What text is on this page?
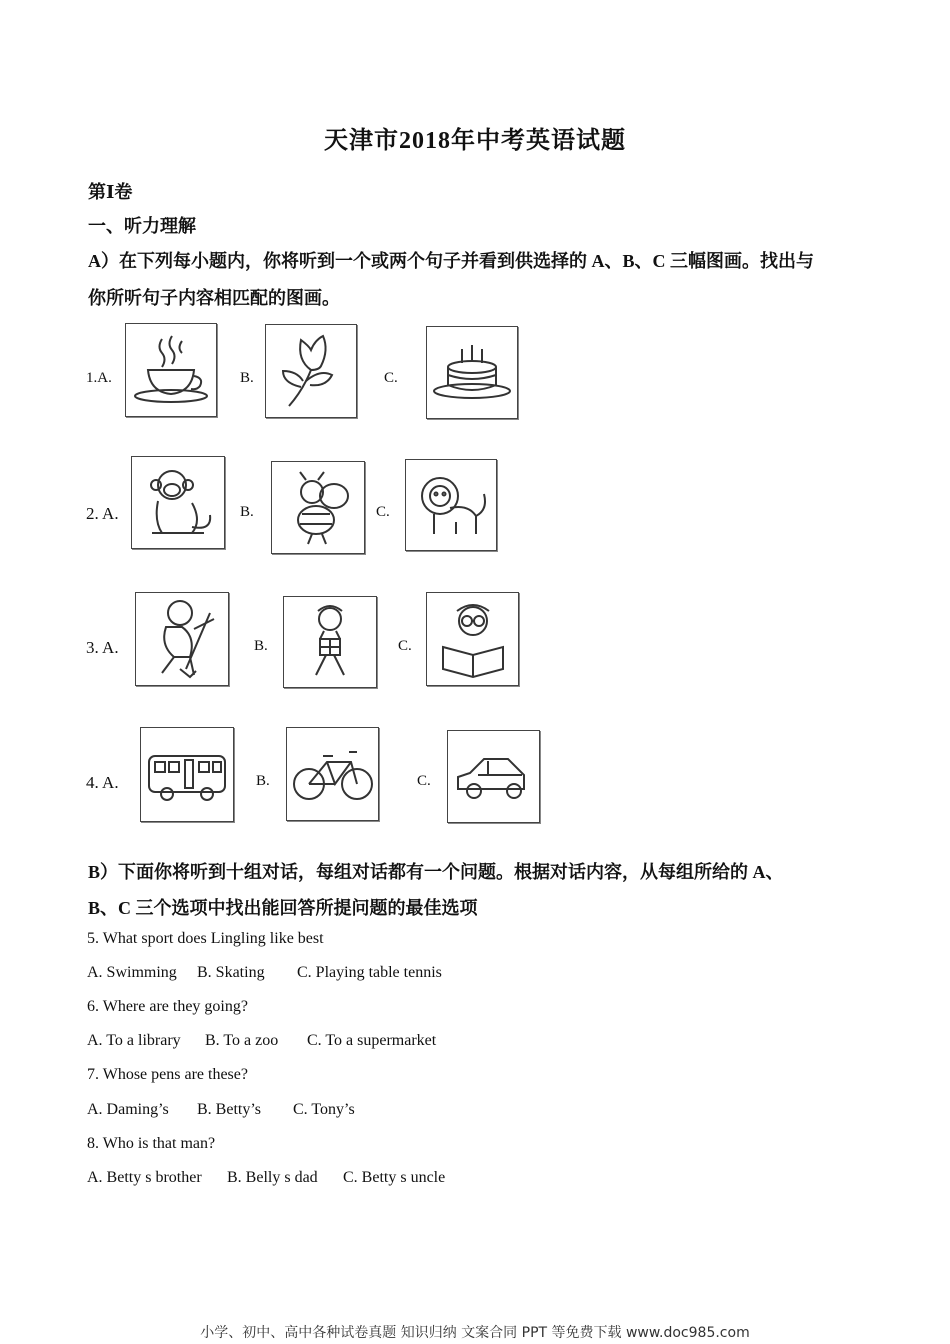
天津市2018年中考英语试题
第Ⅰ卷
一、听力理解
A）在下列每小题内，你将听到一个或两个句子并看到供选择的 A、B、C 三幅图画。找出与
你所听句子内容相匹配的图画。
1.A.	B.	C.
2. A.	B.	C.
3. A.	B.	C.
4. A.	B.	C.
B）下面你将听到十组对话，每组对话都有一个问题。根据对话内容，从每组所给的 A、
B、C 三个选项中找出能回答所提问题的最佳选项
5. What sport does Lingling like best
A. Swimming B. Skating C. Playing table tennis
6. Where are they going?
A. To a library B. To a zoo C. To a supermarket
7. Whose pens are these?
A. Daming’s B. Betty’s C. Tony’s
8. Who is that man?
A. Betty s brother B. Belly s dad C. Betty s uncle
小学、初中、高中各种试卷真题 知识归纳 文案合同 PPT 等免费下载 www.doc985.com
